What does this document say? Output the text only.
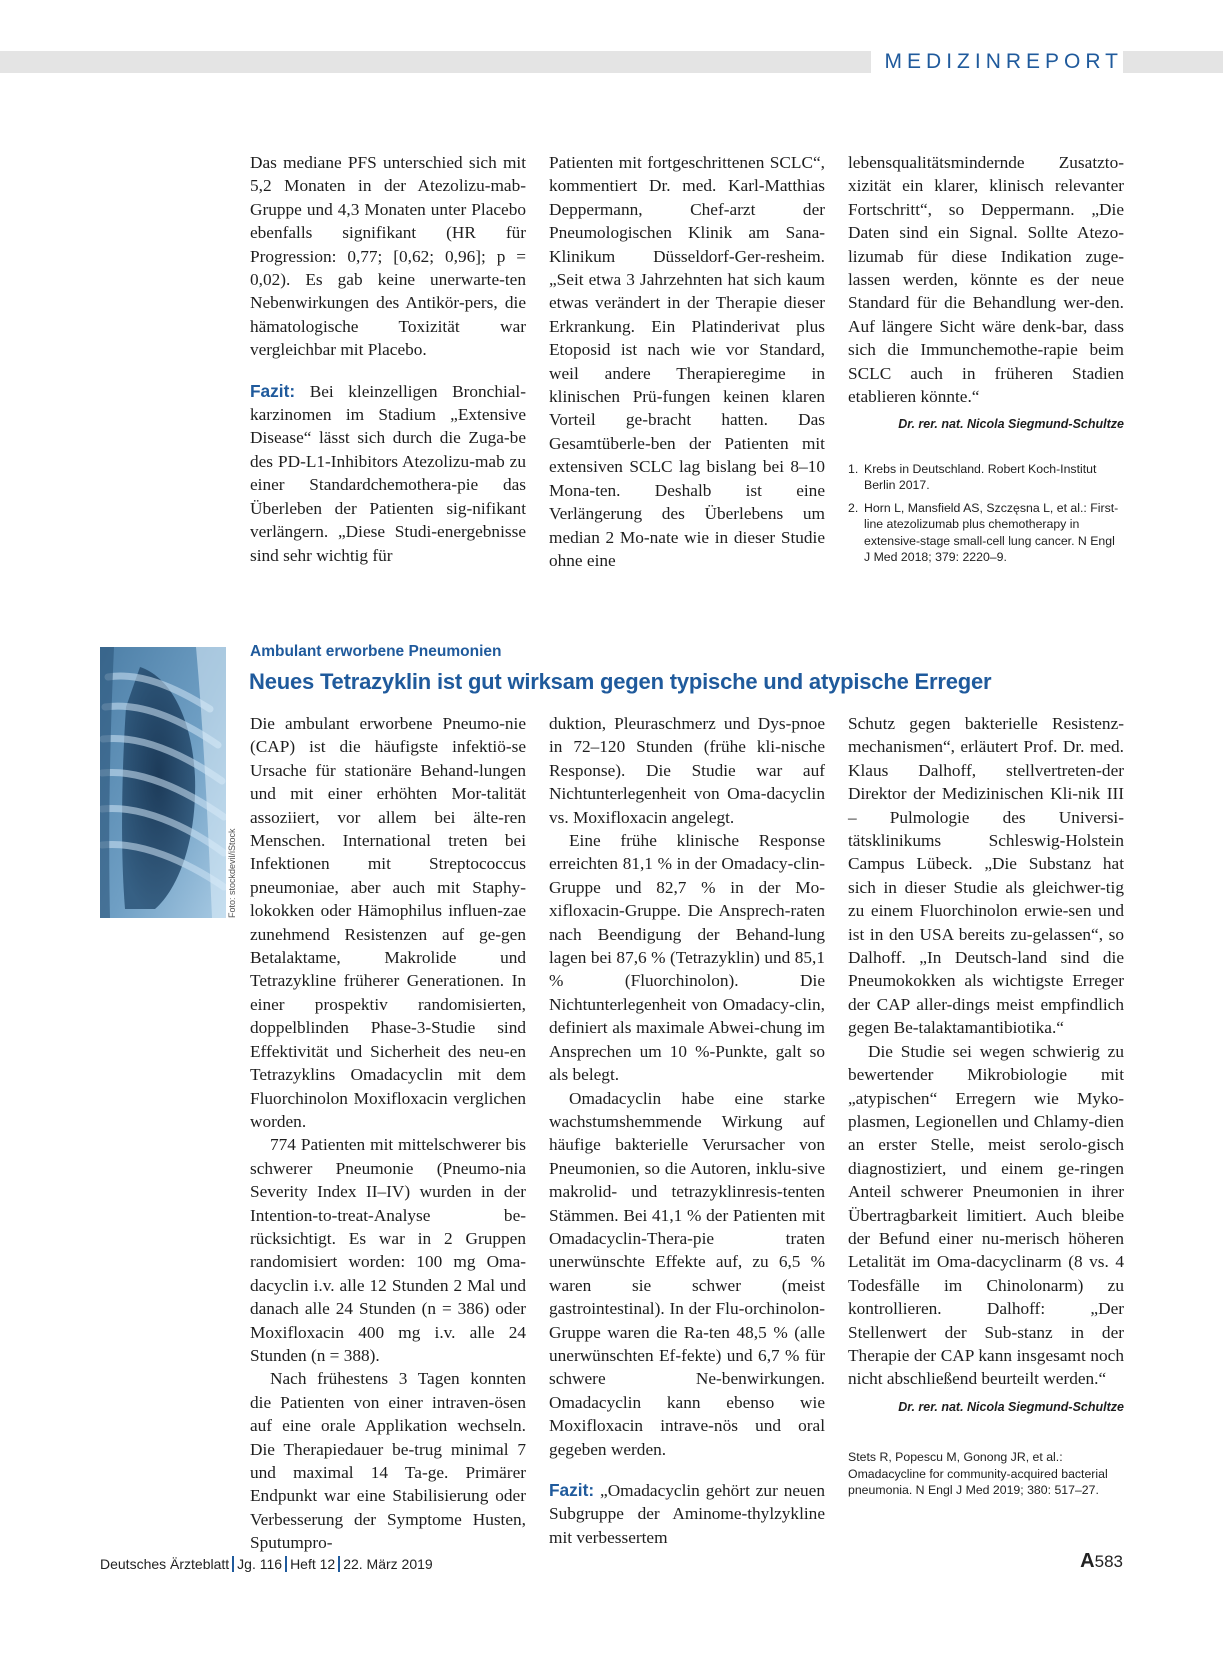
MEDIZINREPORT

Das mediane PFS unterschied sich mit 5,2 Monaten in der Atezolizu-mab-Gruppe und 4,3 Monaten unter Placebo ebenfalls signifikant (HR für Progression: 0,77; [0,62; 0,96]; p = 0,02). Es gab keine unerwarte-ten Nebenwirkungen des Antikör-pers, die hämatologische Toxizität war vergleichbar mit Placebo.

Fazit: Bei kleinzelligen Bronchial-karzinomen im Stadium „Extensive Disease“ lässt sich durch die Zuga-be des PD-L1-Inhibitors Atezolizu-mab zu einer Standardchemothera-pie das Überleben der Patienten sig-nifikant verlängern. „Diese Studi-energebnisse sind sehr wichtig für

Patienten mit fortgeschrittenen SCLC“, kommentiert Dr. med. Karl-Matthias Deppermann, Chef-arzt der Pneumologischen Klinik am Sana-Klinikum Düsseldorf-Ger-resheim. „Seit etwa 3 Jahrzehnten hat sich kaum etwas verändert in der Therapie dieser Erkrankung. Ein Platinderivat plus Etoposid ist nach wie vor Standard, weil andere Therapieregime in klinischen Prü-fungen keinen klaren Vorteil ge-bracht hatten. Das Gesamtüberle-ben der Patienten mit extensiven SCLC lag bislang bei 8–10 Mona-ten. Deshalb ist eine Verlängerung des Überlebens um median 2 Mo-nate wie in dieser Studie ohne eine

lebensqualitätsmindernde Zusatzto-xizität ein klarer, klinisch relevanter Fortschritt“, so Deppermann. „Die Daten sind ein Signal. Sollte Atezo-lizumab für diese Indikation zuge-lassen werden, könnte es der neue Standard für die Behandlung wer-den. Auf längere Sicht wäre denk-bar, dass sich die Immunchemothe-rapie beim SCLC auch in früheren Stadien etablieren könnte.“

Dr. rer. nat. Nicola Siegmund-Schultze
1. Krebs in Deutschland. Robert Koch-Institut Berlin 2017.
2. Horn L, Mansfield AS, Szczęsna L, et al.: First-line atezolizumab plus chemotherapy in extensive-stage small-cell lung cancer. N Engl J Med 2018; 379: 2220–9.
Foto: stockdevil/iStock
Ambulant erworbene Pneumonien
Neues Tetrazyklin ist gut wirksam gegen typische und atypische Erreger

Die ambulant erworbene Pneumo-nie (CAP) ist die häufigste infektiö-se Ursache für stationäre Behand-lungen und mit einer erhöhten Mor-talität assoziiert, vor allem bei älte-ren Menschen. International treten bei Infektionen mit Streptococcus pneumoniae, aber auch mit Staphy-lokokken oder Hämophilus influen-zae zunehmend Resistenzen auf ge-gen Betalaktame, Makrolide und Tetrazykline früherer Generationen. In einer prospektiv randomisierten, doppelblinden Phase-3-Studie sind Effektivität und Sicherheit des neu-en Tetrazyklins Omadacyclin mit dem Fluorchinolon Moxifloxacin verglichen worden.

774 Patienten mit mittelschwerer bis schwerer Pneumonie (Pneumo-nia Severity Index II–IV) wurden in der Intention-to-treat-Analyse be-rücksichtigt. Es war in 2 Gruppen randomisiert worden: 100 mg Oma-dacyclin i.v. alle 12 Stunden 2 Mal und danach alle 24 Stunden (n = 386) oder Moxifloxacin 400 mg i.v. alle 24 Stunden (n = 388).

Nach frühestens 3 Tagen konnten die Patienten von einer intraven-ösen auf eine orale Applikation wechseln. Die Therapiedauer be-trug minimal 7 und maximal 14 Ta-ge. Primärer Endpunkt war eine Stabilisierung oder Verbesserung der Symptome Husten, Sputumpro-

duktion, Pleuraschmerz und Dys-pnoe in 72–120 Stunden (frühe kli-nische Response). Die Studie war auf Nichtunterlegenheit von Oma-dacyclin vs. Moxifloxacin angelegt.

Eine frühe klinische Response erreichten 81,1 % in der Omadacy-clin-Gruppe und 82,7 % in der Mo-xifloxacin-Gruppe. Die Ansprech-raten nach Beendigung der Behand-lung lagen bei 87,6 % (Tetrazyklin) und 85,1 % (Fluorchinolon). Die Nichtunterlegenheit von Omadacy-clin, definiert als maximale Abwei-chung im Ansprechen um 10 %-Punkte, galt so als belegt.

Omadacyclin habe eine starke wachstumshemmende Wirkung auf häufige bakterielle Verursacher von Pneumonien, so die Autoren, inklu-sive makrolid- und tetrazyklinresis-tenten Stämmen. Bei 41,1 % der Patienten mit Omadacyclin-Thera-pie traten unerwünschte Effekte auf, zu 6,5 % waren sie schwer (meist gastrointestinal). In der Flu-orchinolon-Gruppe waren die Ra-ten 48,5 % (alle unerwünschten Ef-fekte) und 6,7 % für schwere Ne-benwirkungen. Omadacyclin kann ebenso wie Moxifloxacin intrave-nös und oral gegeben werden.

Fazit: „Omadacyclin gehört zur neuen Subgruppe der Aminome-thylzykline mit verbessertem

Schutz gegen bakterielle Resistenz-mechanismen“, erläutert Prof. Dr. med. Klaus Dalhoff, stellvertreten-der Direktor der Medizinischen Kli-nik III – Pulmologie des Universi-tätsklinikums Schleswig-Holstein Campus Lübeck. „Die Substanz hat sich in dieser Studie als gleichwer-tig zu einem Fluorchinolon erwie-sen und ist in den USA bereits zu-gelassen“, so Dalhoff. „In Deutsch-land sind die Pneumokokken als wichtigste Erreger der CAP aller-dings meist empfindlich gegen Be-talaktamantibiotika.“

Die Studie sei wegen schwierig zu bewertender Mikrobiologie mit „atypischen“ Erregern wie Myko-plasmen, Legionellen und Chlamy-dien an erster Stelle, meist serolo-gisch diagnostiziert, und einem ge-ringen Anteil schwerer Pneumonien in ihrer Übertragbarkeit limitiert. Auch bleibe der Befund einer nu-merisch höheren Letalität im Oma-dacyclinarm (8 vs. 4 Todesfälle im Chinolonarm) zu kontrollieren. Dalhoff: „Der Stellenwert der Sub-stanz in der Therapie der CAP kann insgesamt noch nicht abschließend beurteilt werden.“

Dr. rer. nat. Nicola Siegmund-Schultze
Stets R, Popescu M, Gonong JR, et al.: Omadacycline for community-acquired bacterial pneumonia. N Engl J Med 2019; 380: 517–27.
Deutsches Ärzteblatt Jg. 116 Heft 12 22. März 2019	A583
